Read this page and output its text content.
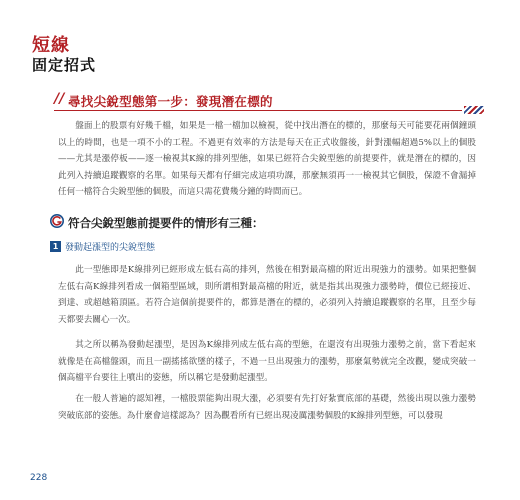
短線
固定招式
// 尋找尖銳型態第一步：發現潛在標的

盤面上的股票有好幾千檔，如果是一檔一檔加以檢視，從中找出潛在的標的，那麼每天可能要花兩個鐘頭以上的時間，也是一項不小的工程。不過更有效率的方法是每天在正式收盤後，針對漲幅超過5%以上的個股——尤其是漲停板——逐一檢視其K線的排列型態，如果已經符合尖銳型態的前提要件，就是潛在的標的，因此列入持續追蹤觀察的名單。如果每天都有仔細完成這項功課，那麼無須再一一檢視其它個股，保證不會漏掉任何一檔符合尖銳型態的個股，而這只需花費幾分鐘的時間而已。

符合尖銳型態前提要件的情形有三種：
1 發動起漲型的尖銳型態

此一型態即是K線排列已經形成左低右高的排列，然後在相對最高檔的附近出現強力的漲勢。如果把整個左低右高K線排列看成一個箱型區域，則所謂相對最高檔的附近，就是指其出現強力漲勢時，價位已經接近、到達、或超越箱頂區。若符合這個前提要件的，都算是潛在的標的，必須列入持續追蹤觀察的名單，且至少每天都要去關心一次。

其之所以稱為發動起漲型，是因為K線排列成左低右高的型態，在還沒有出現強力漲勢之前，當下看起來就像是在高檔盤頭，而且一副搖搖欲墜的樣子，不過一旦出現強力的漲勢，那麼氣勢就完全改觀，變成突破一個高檔平台要往上噴出的姿態，所以稱它是發動起漲型。

在一般人普遍的認知裡，一檔股票能夠出現大漲，必須要有先打好紮實底部的基礎，然後出現以強力漲勢突破底部的姿態。為什麼會這樣認為？因為觀看所有已經出現凌厲漲勢個股的K線排列型態，可以發現

228
